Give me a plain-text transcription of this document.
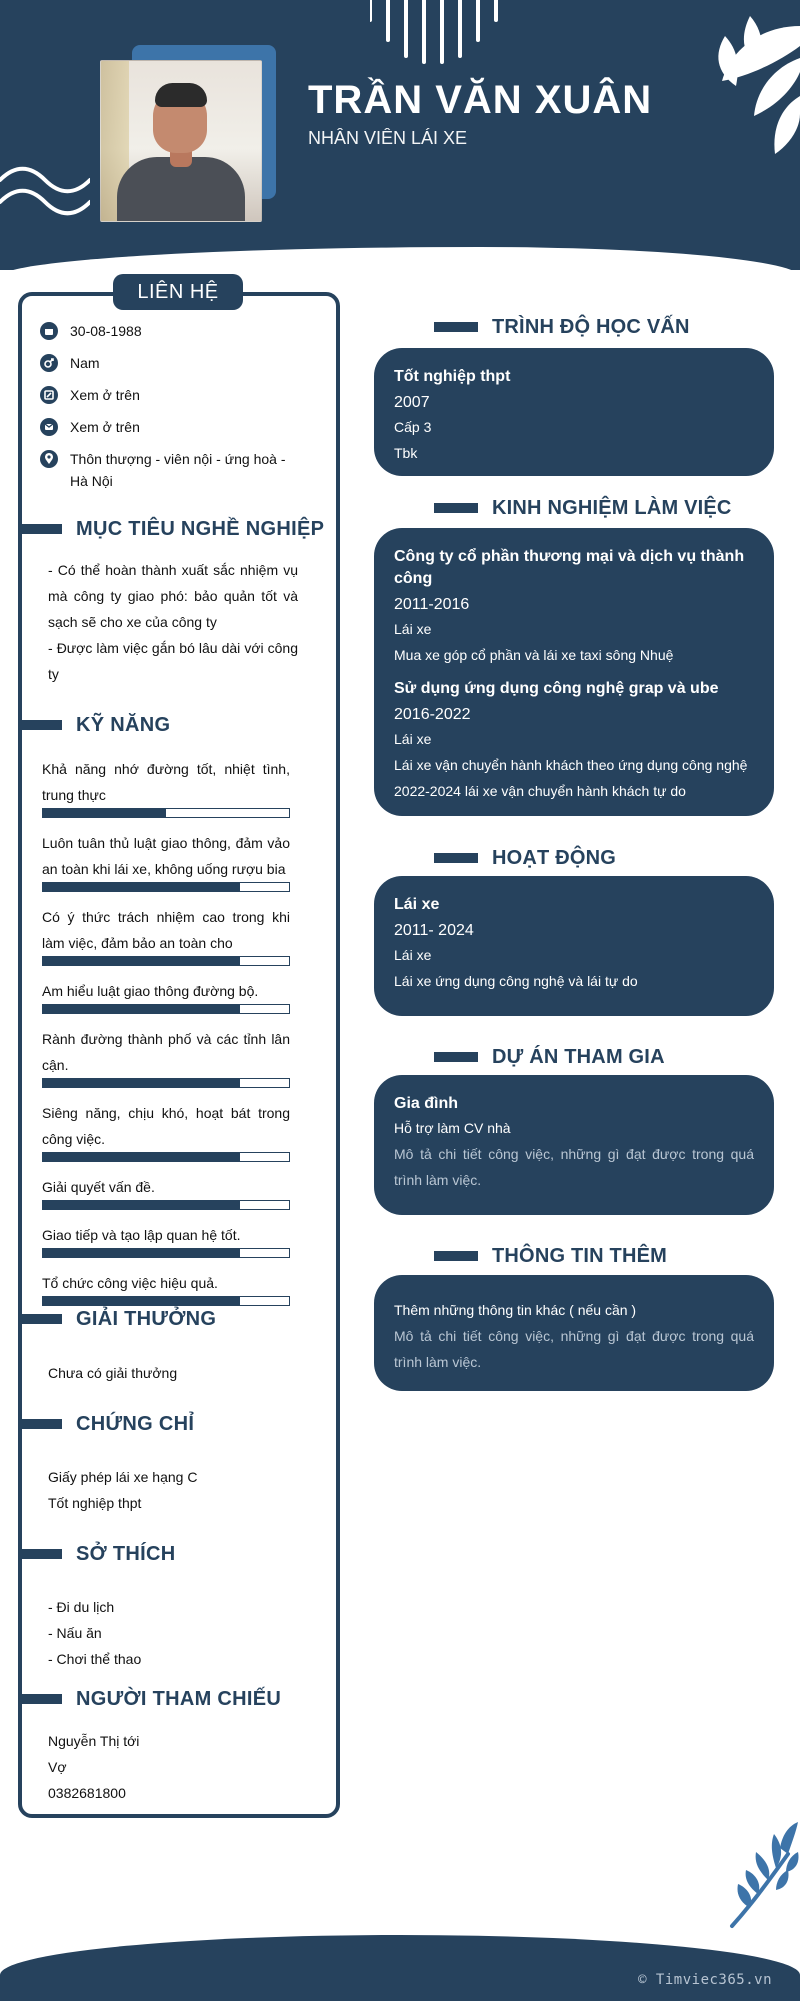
TRẦN VĂN XUÂN
NHÂN VIÊN LÁI XE
LIÊN HỆ
30-08-1988
Nam
Xem ở trên
Xem ở trên
Thôn thượng - viên nội - ứng hoà - Hà Nội
MỤC TIÊU NGHỀ NGHIỆP
- Có thể hoàn thành xuất sắc nhiệm vụ mà công ty giao phó: bảo quản tốt và sạch sẽ cho xe của công ty
- Được làm việc gắn bó lâu dài với công ty
KỸ NĂNG
Khả năng nhớ đường tốt, nhiệt tình, trung thực
Luôn tuân thủ luật giao thông, đảm vảo an toàn khi lái xe, không uống rượu bia
Có ý thức trách nhiệm cao trong khi làm việc, đảm bảo an toàn cho
Am hiểu luật giao thông đường bộ.
Rành đường thành phố và các tỉnh lân cận.
Siêng năng, chịu khó, hoạt bát trong công việc.
Giải quyết vấn đề.
Giao tiếp và tạo lập quan hệ tốt.
Tổ chức công việc hiệu quả.
GIẢI THƯỞNG
Chưa có giải thưởng
CHỨNG CHỈ
Giấy phép lái xe hạng C
Tốt nghiệp thpt
SỞ THÍCH
- Đi du lịch
- Nấu ăn
- Chơi thể thao
NGƯỜI THAM CHIẾU
Nguyễn Thị tới
Vợ
0382681800
TRÌNH ĐỘ HỌC VẤN
Tốt nghiệp thpt
2007
Cấp 3
Tbk
KINH NGHIỆM LÀM VIỆC
Công ty cổ phần thương mại và dịch vụ thành công
2011-2016
Lái xe
Mua xe góp cổ phần và lái xe taxi sông Nhuệ
Sử dụng ứng dụng công nghệ grap và ube
2016-2022
Lái xe
Lái xe vận chuyển hành khách theo ứng dụng công nghệ
2022-2024 lái xe vận chuyển hành khách tự do
HOẠT ĐỘNG
Lái xe
2011- 2024
Lái xe
Lái xe ứng dụng công nghệ và lái tự do
DỰ ÁN THAM GIA
Gia đình
Hỗ trợ làm CV nhà
Mô tả chi tiết công việc, những gì đạt được trong quá trình làm việc.
THÔNG TIN THÊM
Thêm những thông tin khác ( nếu cần )
Mô tả chi tiết công việc, những gì đạt được trong quá trình làm việc.
© Timviec365.vn
